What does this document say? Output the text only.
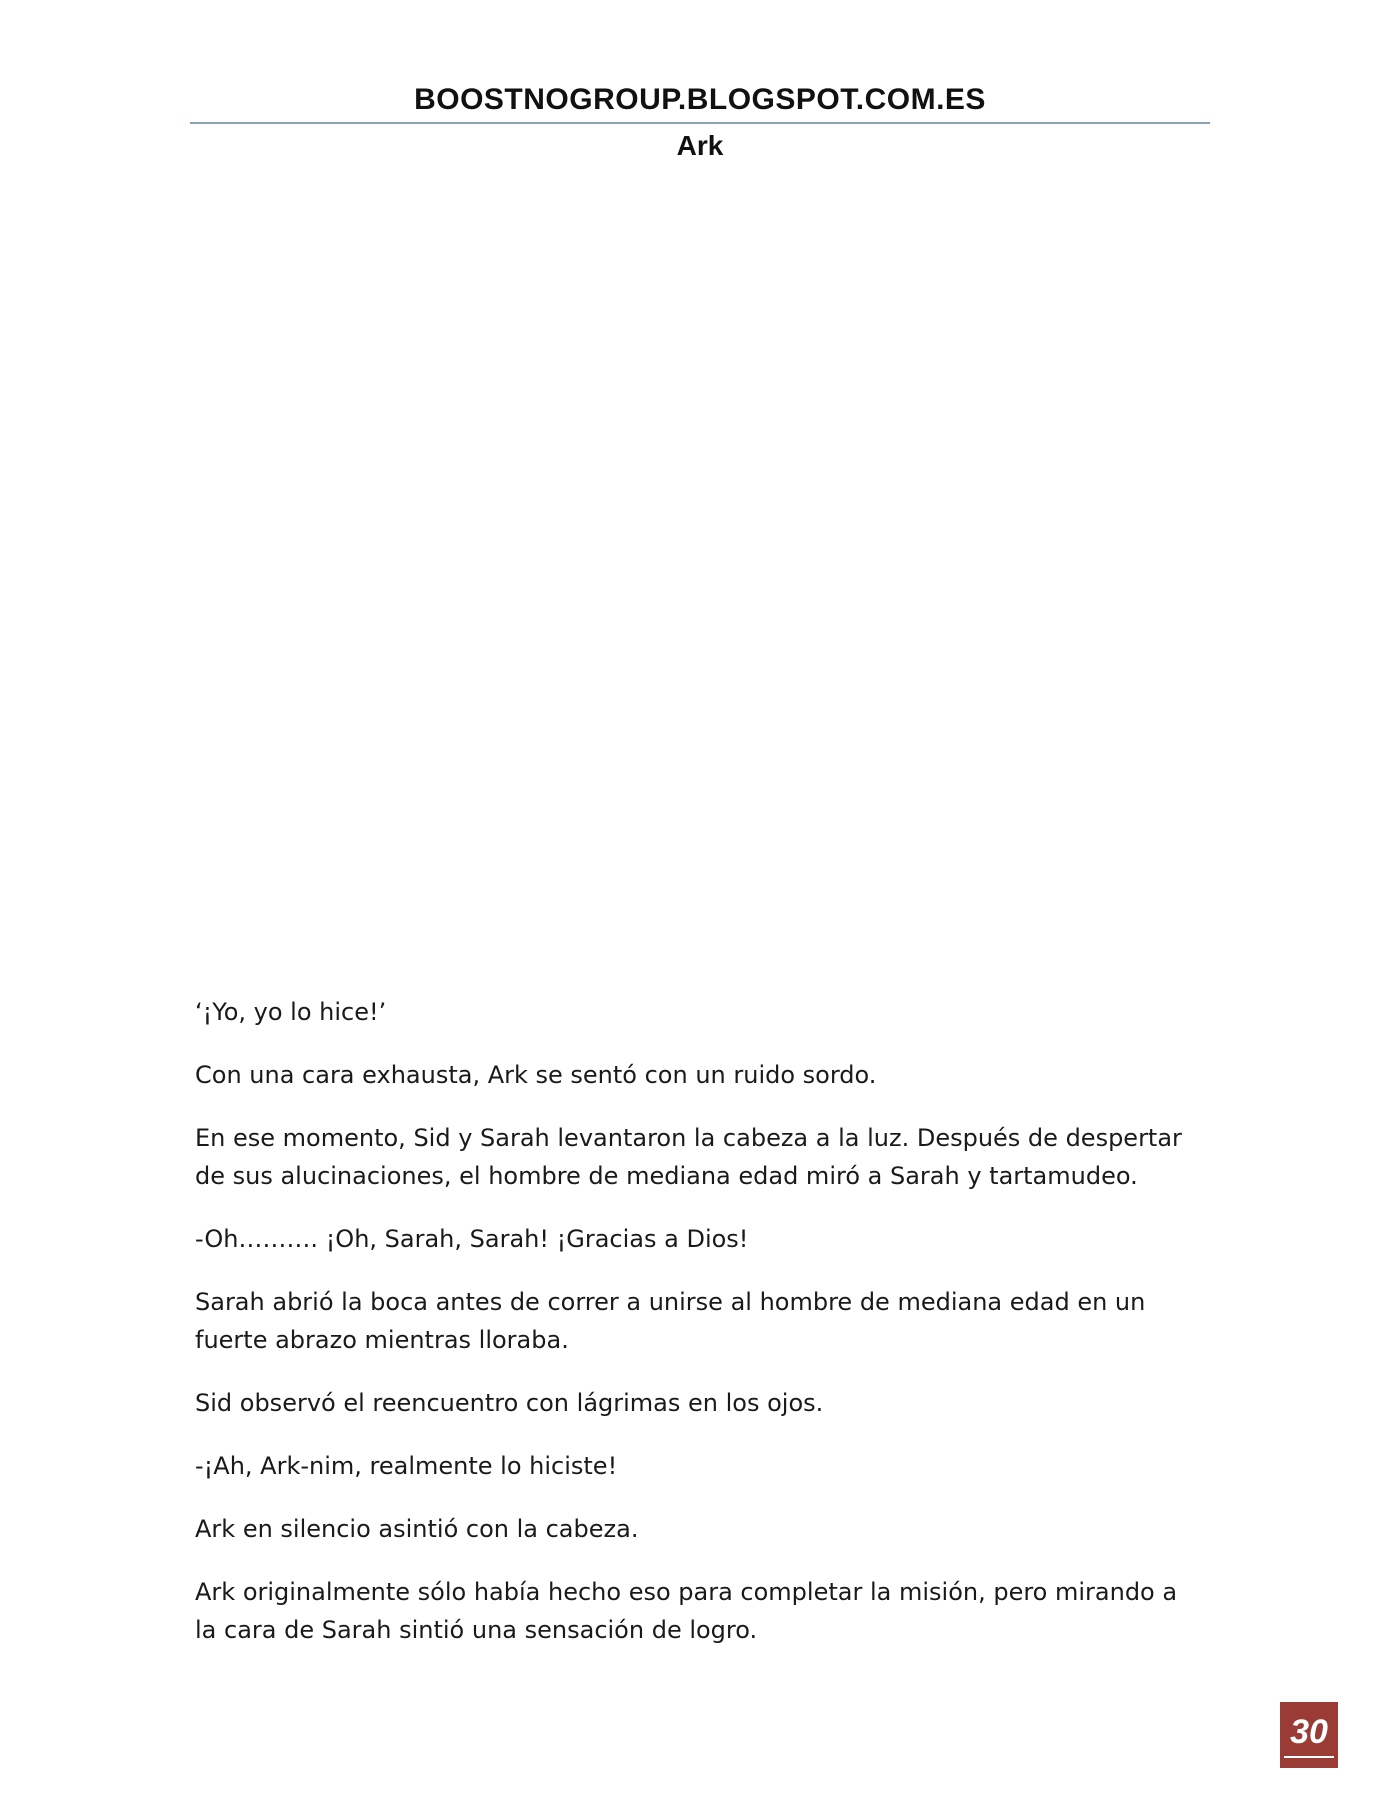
BOOSTNOGROUP.BLOGSPOT.COM.ES
Ark

‘¡Yo, yo lo hice!’

Con una cara exhausta, Ark se sentó con un ruido sordo.

En ese momento, Sid y Sarah levantaron la cabeza a la luz. Después de despertar de sus alucinaciones, el hombre de mediana edad miró a Sarah y tartamudeo.

-Oh………. ¡Oh, Sarah, Sarah! ¡Gracias a Dios!

Sarah abrió la boca antes de correr a unirse al hombre de mediana edad en un fuerte abrazo mientras lloraba.

Sid observó el reencuentro con lágrimas en los ojos.

-¡Ah, Ark-nim, realmente lo hiciste!

Ark en silencio asintió con la cabeza.

Ark originalmente sólo había hecho eso para completar la misión, pero mirando a la cara de Sarah sintió una sensación de logro.

30
